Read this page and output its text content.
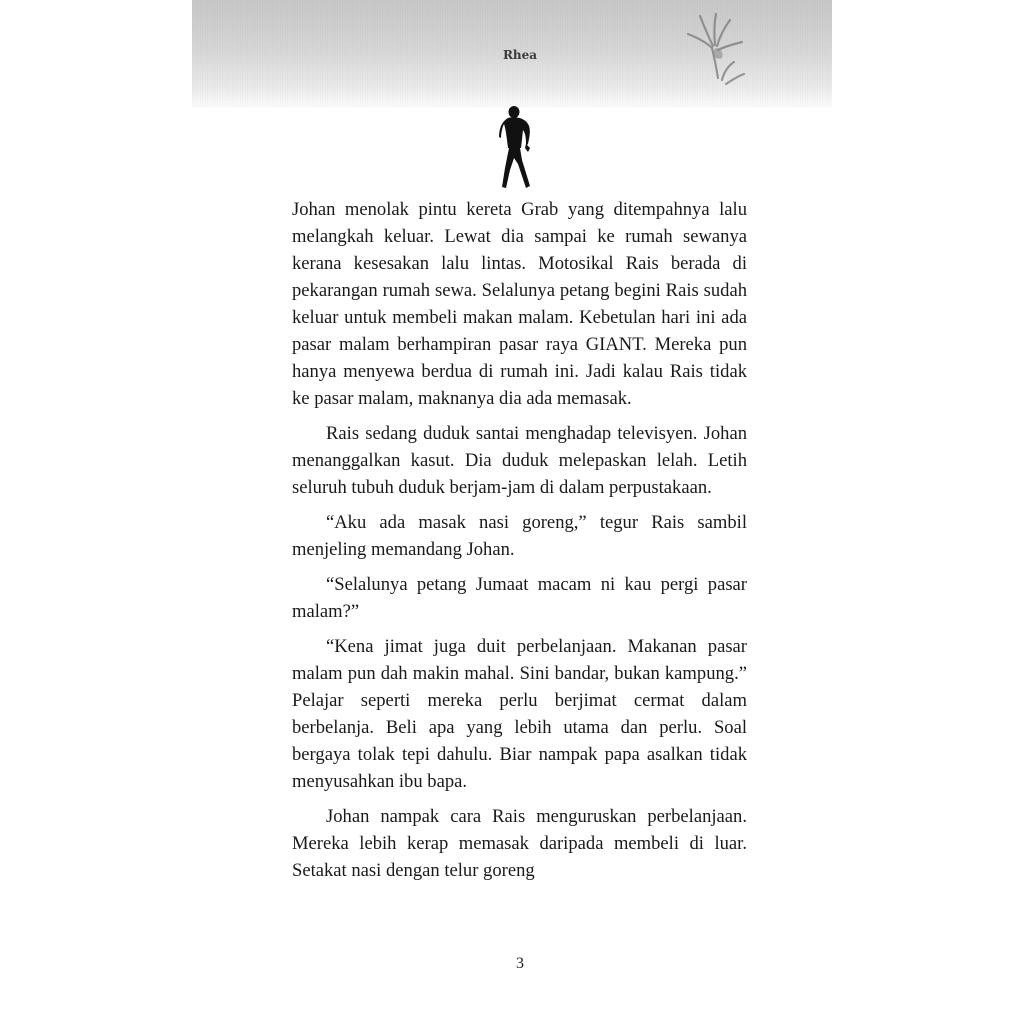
Rhea

Johan menolak pintu kereta Grab yang ditempahnya lalu melangkah keluar. Lewat dia sampai ke rumah sewanya kerana kesesakan lalu lintas. Motosikal Rais berada di pekarangan rumah sewa. Selalunya petang begini Rais sudah keluar untuk membeli makan malam. Kebetulan hari ini ada pasar malam berhampiran pasar raya GIANT. Mereka pun hanya menyewa berdua di rumah ini. Jadi kalau Rais tidak ke pasar malam, maknanya dia ada memasak.

Rais sedang duduk santai menghadap televisyen. Johan menanggalkan kasut. Dia duduk melepaskan lelah. Letih seluruh tubuh duduk berjam-jam di dalam perpustakaan.

“Aku ada masak nasi goreng,” tegur Rais sambil menjeling memandang Johan.

“Selalunya petang Jumaat macam ni kau pergi pasar malam?”

“Kena jimat juga duit perbelanjaan. Makanan pasar malam pun dah makin mahal. Sini bandar, bukan kampung.” Pelajar seperti mereka perlu berjimat cermat dalam berbelanja. Beli apa yang lebih utama dan perlu. Soal bergaya tolak tepi dahulu. Biar nampak papa asalkan tidak menyusahkan ibu bapa.

Johan nampak cara Rais menguruskan perbelanjaan. Mereka lebih kerap memasak daripada membeli di luar. Setakat nasi dengan telur goreng

3
